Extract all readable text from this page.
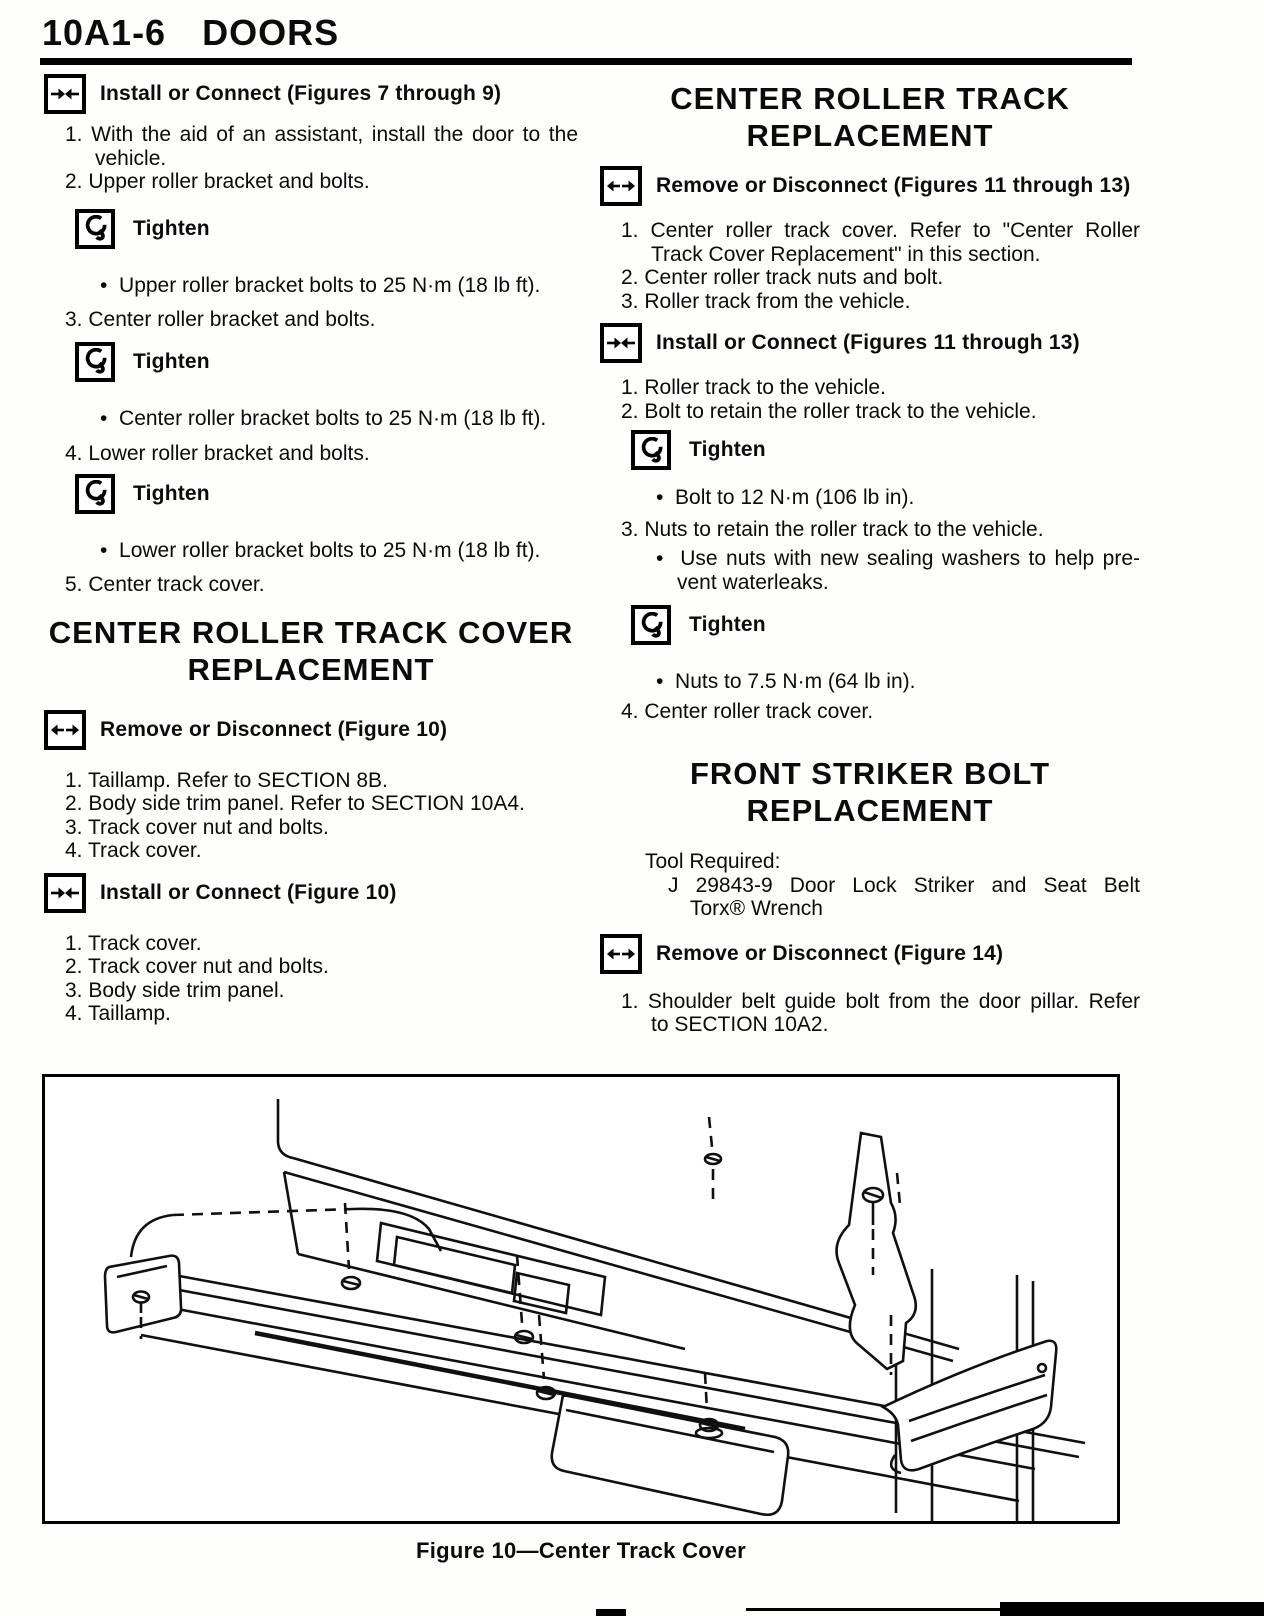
10A1-6 DOORS
Install or Connect (Figures 7 through 9)
1. With the aid of an assistant, install the door to the
vehicle.
2. Upper roller bracket and bolts.
Tighten
•  Upper roller bracket bolts to 25 N·m (18 lb ft).
3. Center roller bracket and bolts.
Tighten
•  Center roller bracket bolts to 25 N·m (18 lb ft).
4. Lower roller bracket and bolts.
Tighten
•  Lower roller bracket bolts to 25 N·m (18 lb ft).
5. Center track cover.
CENTER ROLLER TRACK COVER REPLACEMENT
Remove or Disconnect (Figure 10)
1. Taillamp. Refer to SECTION 8B.
2. Body side trim panel. Refer to SECTION 10A4.
3. Track cover nut and bolts.
4. Track cover.
Install or Connect (Figure 10)
1. Track cover.
2. Track cover nut and bolts.
3. Body side trim panel.
4. Taillamp.
CENTER ROLLER TRACK REPLACEMENT
Remove or Disconnect (Figures 11 through 13)
1. Center roller track cover. Refer to "Center Roller
Track Cover Replacement" in this section.
2. Center roller track nuts and bolt.
3. Roller track from the vehicle.
Install or Connect (Figures 11 through 13)
1. Roller track to the vehicle.
2. Bolt to retain the roller track to the vehicle.
Tighten
•  Bolt to 12 N·m (106 lb in).
3. Nuts to retain the roller track to the vehicle.
•  Use nuts with new sealing washers to help pre-
vent waterleaks.
Tighten
•  Nuts to 7.5 N·m (64 lb in).
4. Center roller track cover.
FRONT STRIKER BOLT REPLACEMENT
Tool Required:
J 29843-9 Door Lock Striker and Seat Belt
Torx® Wrench
Remove or Disconnect (Figure 14)
1. Shoulder belt guide bolt from the door pillar. Refer
to SECTION 10A2.
Figure 10—Center Track Cover
